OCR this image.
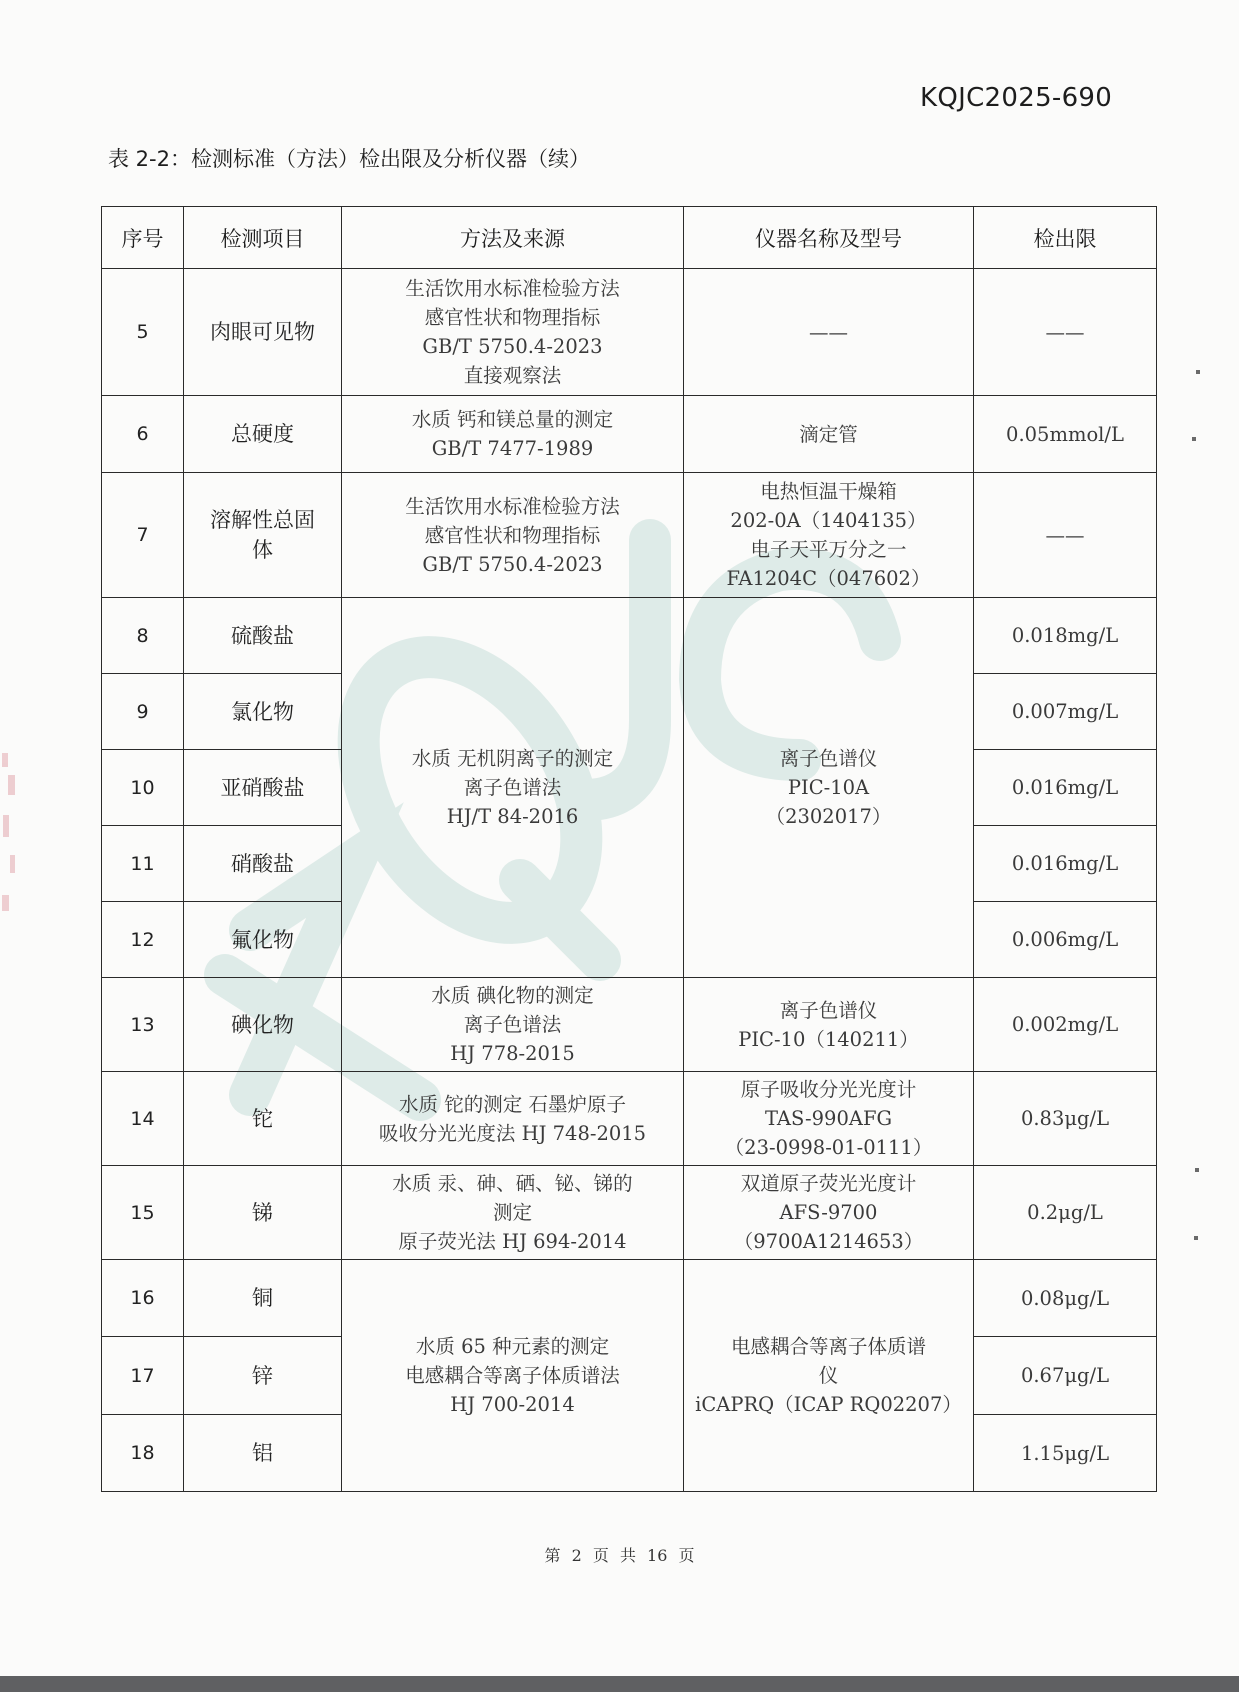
KQJC2025-690
表 2-2：检测标准（方法）检出限及分析仪器（续）
序号	检测项目	方法及来源	仪器名称及型号	检出限
5	肉眼可见物	生活饮用水标准检验方法
感官性状和物理指标
GB/T 5750.4-2023
直接观察法	——	——
6	总硬度	水质 钙和镁总量的测定
GB/T 7477-1989	滴定管	0.05mmol/L
7	溶解性总固
体	生活饮用水标准检验方法
感官性状和物理指标
GB/T 5750.4-2023	电热恒温干燥箱
202-0A（1404135）
电子天平万分之一
FA1204C（047602）	——
8	硫酸盐	水质 无机阴离子的测定
离子色谱法
HJ/T 84-2016	离子色谱仪
PIC-10A
（2302017）	0.018mg/L
9	氯化物			0.007mg/L
10	亚硝酸盐			0.016mg/L
11	硝酸盐			0.016mg/L
12	氟化物			0.006mg/L
13	碘化物	水质 碘化物的测定
离子色谱法
HJ 778-2015	离子色谱仪
PIC-10（140211）	0.002mg/L
14	铊	水质 铊的测定 石墨炉原子
吸收分光光度法 HJ 748-2015	原子吸收分光光度计
TAS-990AFG
（23-0998-01-0111）	0.83μg/L
15	锑	水质 汞、砷、硒、铋、锑的
测定
原子荧光法 HJ 694-2014	双道原子荧光光度计
AFS-9700
（9700A1214653）	0.2μg/L
16	铜	水质 65 种元素的测定
电感耦合等离子体质谱法
HJ 700-2014	电感耦合等离子体质谱
仪
iCAPRQ（ICAP RQ02207）	0.08μg/L
17	锌			0.67μg/L
18	铝			1.15μg/L
第 2 页 共 16 页
